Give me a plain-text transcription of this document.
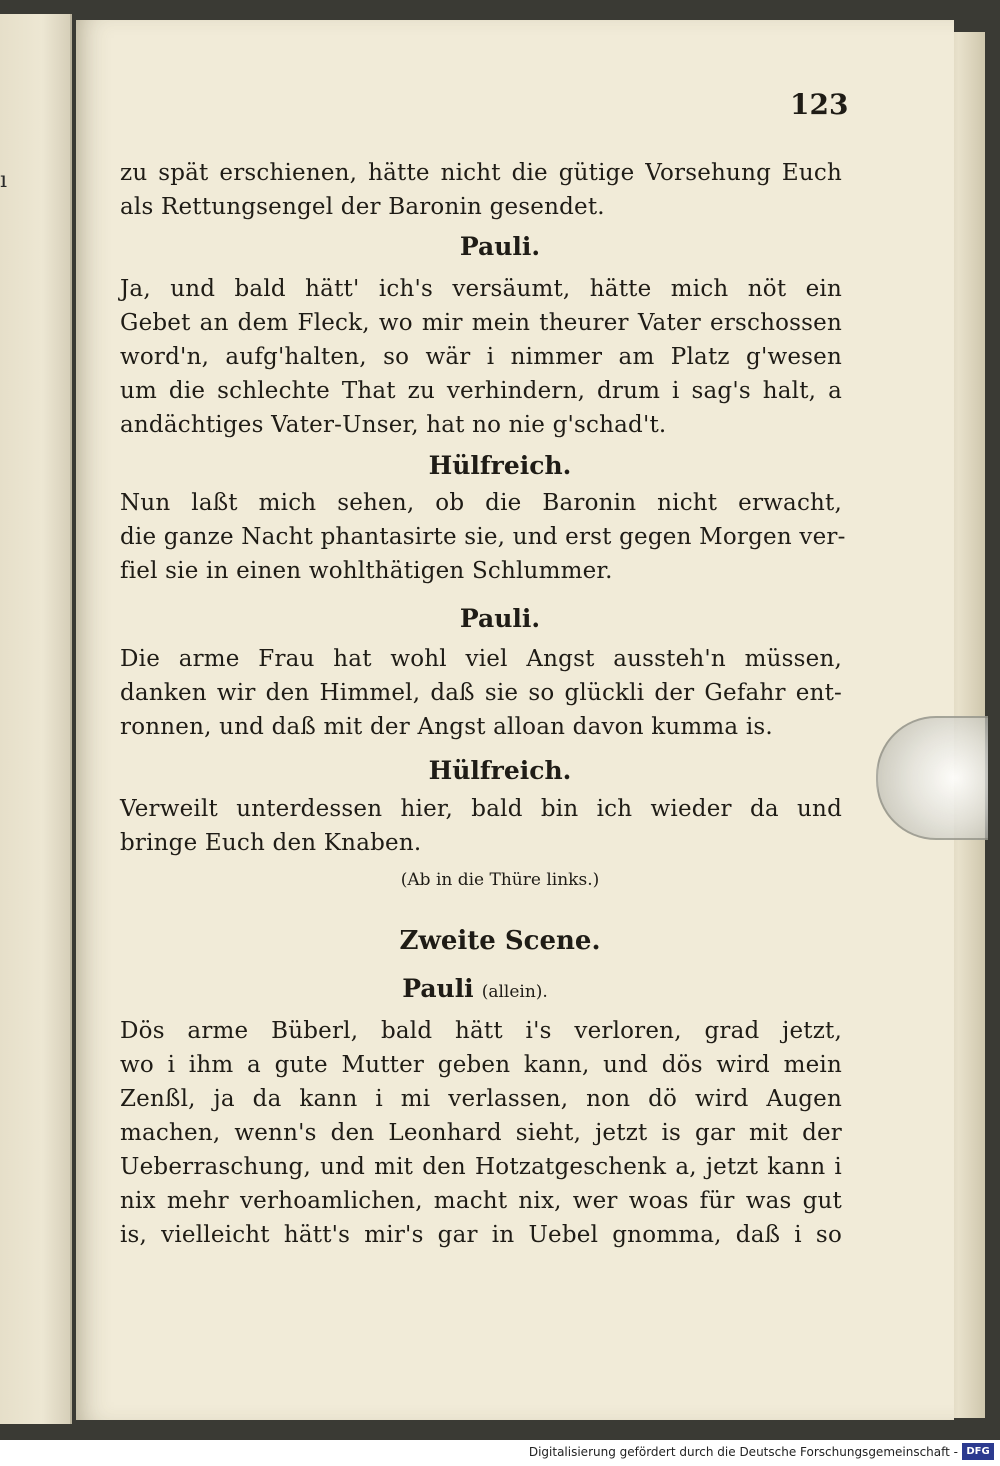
ı
123
zu spät erschienen, hätte nicht die gütige Vorsehung Euch
als Rettungsengel der Baronin gesendet.
Pauli.
Ja, und bald hätt' ich's versäumt, hätte mich nöt ein
Gebet an dem Fleck, wo mir mein theurer Vater erschossen
word'n, aufg'halten, so wär i nimmer am Platz g'wesen
um die schlechte That zu verhindern, drum i sag's halt, a
andächtiges Vater-Unser, hat no nie g'schad't.
Hülfreich.
Nun laßt mich sehen, ob die Baronin nicht erwacht,
die ganze Nacht phantasirte sie, und erst gegen Morgen ver-
fiel sie in einen wohlthätigen Schlummer.
Pauli.
Die arme Frau hat wohl viel Angst aussteh'n müssen,
danken wir den Himmel, daß sie so glückli der Gefahr ent-
ronnen, und daß mit der Angst alloan davon kumma is.
Hülfreich.
Verweilt unterdessen hier, bald bin ich wieder da und
bringe Euch den Knaben.
(Ab in die Thüre links.)
Zweite Scene.
Pauli (allein).
Dös arme Büberl, bald hätt i's verloren, grad jetzt,
wo i ihm a gute Mutter geben kann, und dös wird mein
Zenßl, ja da kann i mi verlassen, non dö wird Augen
machen, wenn's den Leonhard sieht, jetzt is gar mit der
Ueberraschung, und mit den Hotzatgeschenk a, jetzt kann i
nix mehr verhoamlichen, macht nix, wer woas für was gut
is, vielleicht hätt's mir's gar in Uebel gnomma, daß i so
Digitalisierung gefördert durch die Deutsche Forschungsgemeinschaft - DFG
